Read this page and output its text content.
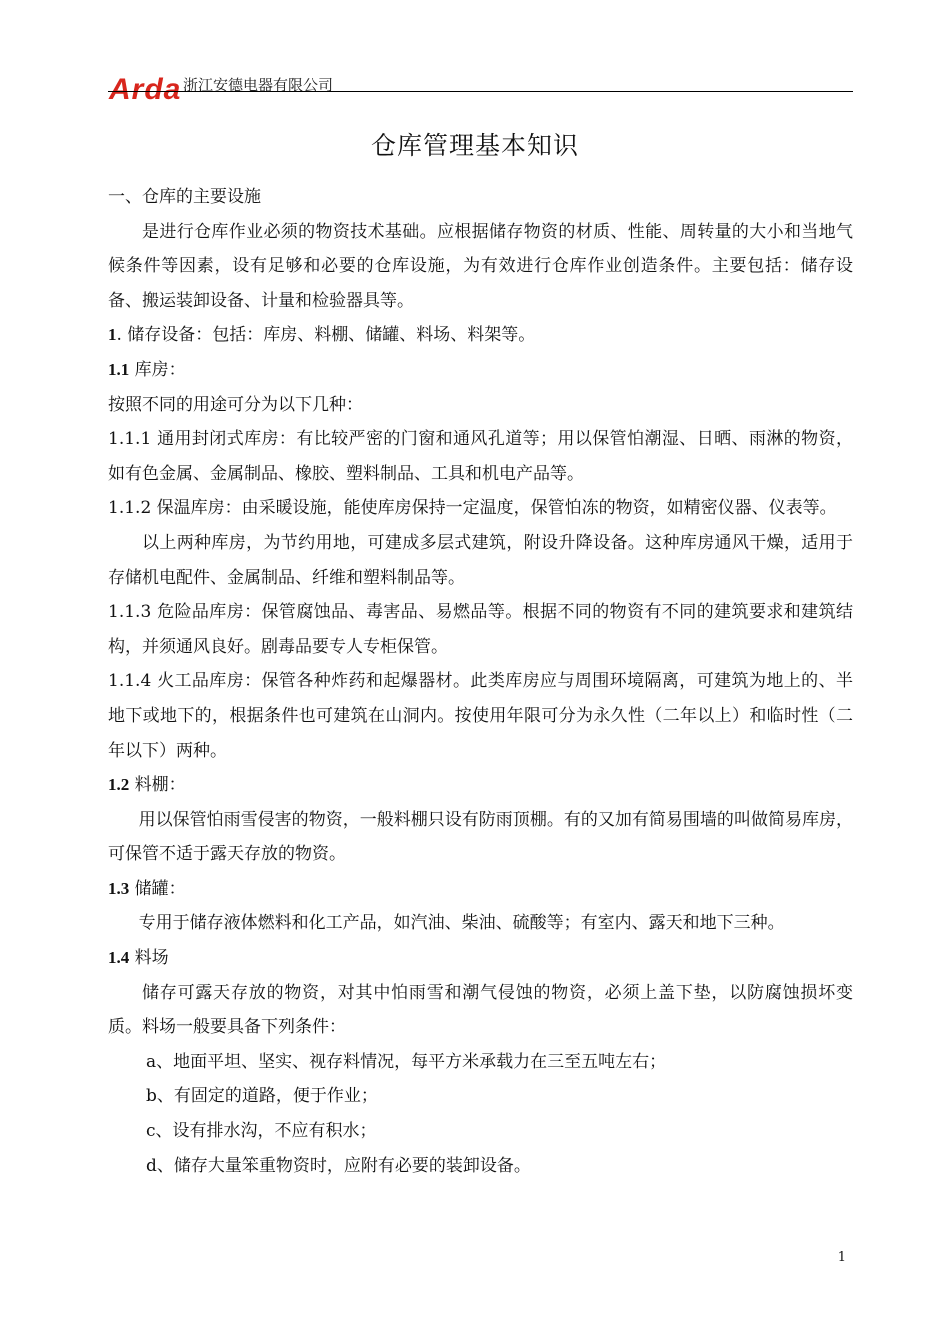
Arda 浙江安德电器有限公司
仓库管理基本知识

一、仓库的主要设施

是进行仓库作业必须的物资技术基础。应根据储存物资的材质、性能、周转量的大小和当地气候条件等因素，设有足够和必要的仓库设施，为有效进行仓库作业创造条件。主要包括：储存设备、搬运装卸设备、计量和检验器具等。

1. 储存设备：包括：库房、料棚、储罐、料场、料架等。

1.1 库房：

按照不同的用途可分为以下几种：

1.1.1 通用封闭式库房：有比较严密的门窗和通风孔道等；用以保管怕潮湿、日晒、雨淋的物资，如有色金属、金属制品、橡胶、塑料制品、工具和机电产品等。

1.1.2 保温库房：由采暖设施，能使库房保持一定温度，保管怕冻的物资，如精密仪器、仪表等。

以上两种库房，为节约用地，可建成多层式建筑，附设升降设备。这种库房通风干燥，适用于存储机电配件、金属制品、纤维和塑料制品等。

1.1.3 危险品库房：保管腐蚀品、毒害品、易燃品等。根据不同的物资有不同的建筑要求和建筑结构，并须通风良好。剧毒品要专人专柜保管。

1.1.4 火工品库房：保管各种炸药和起爆器材。此类库房应与周围环境隔离，可建筑为地上的、半地下或地下的，根据条件也可建筑在山洞内。按使用年限可分为永久性（二年以上）和临时性（二年以下）两种。

1.2 料棚：

用以保管怕雨雪侵害的物资，一般料棚只设有防雨顶棚。有的又加有简易围墙的叫做简易库房，可保管不适于露天存放的物资。

1.3 储罐：

专用于储存液体燃料和化工产品，如汽油、柴油、硫酸等；有室内、露天和地下三种。

1.4 料场

储存可露天存放的物资，对其中怕雨雪和潮气侵蚀的物资，必须上盖下垫，以防腐蚀损坏变质。料场一般要具备下列条件：

a、地面平坦、坚实、视存料情况，每平方米承载力在三至五吨左右；

b、有固定的道路，便于作业；

c、设有排水沟，不应有积水；

d、储存大量笨重物资时，应附有必要的装卸设备。

1
